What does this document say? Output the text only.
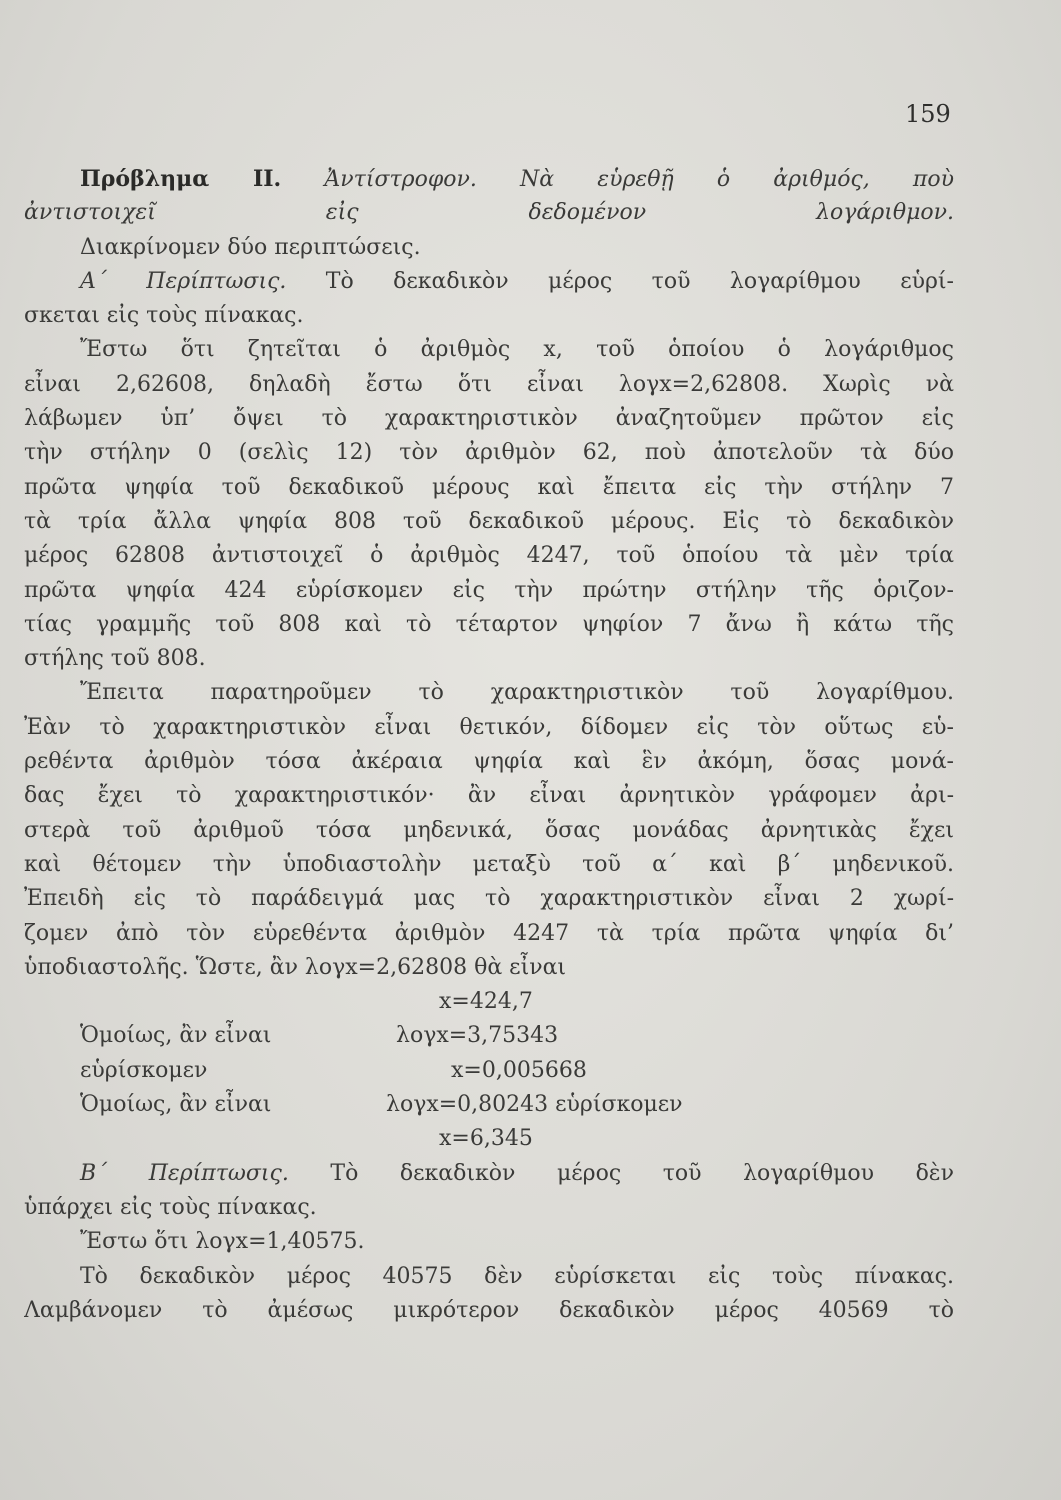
159
Πρόβλημα ΙΙ. Ἀντίστροφον. Νὰ εὑρεθῇ ὁ ἀριθμός, ποὺ
ἀντιστοιχεῖ εἰς δεδομένον λογάριθμον.
Διακρίνομεν δύο περιπτώσεις.
Α΄ Περίπτωσις. Τὸ δεκαδικὸν μέρος τοῦ λογαρίθμου εὑρί-
σκεται εἰς τοὺς πίνακας.
Ἔστω ὅτι ζητεῖται ὁ ἀριθμὸς x, τοῦ ὁποίου ὁ λογάριθμος
εἶναι 2,62608, δηλαδὴ ἔστω ὅτι εἶναι λογx=2,62808. Χωρὶς νὰ
λάβωμεν ὑπ’ ὄψει τὸ χαρακτηριστικὸν ἀναζητοῦμεν πρῶτον εἰς
τὴν στήλην 0 (σελὶς 12) τὸν ἀριθμὸν 62, ποὺ ἀποτελοῦν τὰ δύο
πρῶτα ψηφία τοῦ δεκαδικοῦ μέρους καὶ ἔπειτα εἰς τὴν στήλην 7
τὰ τρία ἄλλα ψηφία 808 τοῦ δεκαδικοῦ μέρους. Εἰς τὸ δεκαδικὸν
μέρος 62808 ἀντιστοιχεῖ ὁ ἀριθμὸς 4247, τοῦ ὁποίου τὰ μὲν τρία
πρῶτα ψηφία 424 εὑρίσκομεν εἰς τὴν πρώτην στήλην τῆς ὁριζον-
τίας γραμμῆς τοῦ 808 καὶ τὸ τέταρτον ψηφίον 7 ἄνω ἢ κάτω τῆς
στήλης τοῦ 808.
Ἔπειτα παρατηροῦμεν τὸ χαρακτηριστικὸν τοῦ λογαρίθμου.
Ἐὰν τὸ χαρακτηριστικὸν εἶναι θετικόν, δίδομεν εἰς τὸν οὕτως εὑ-
ρεθέντα ἀριθμὸν τόσα ἀκέραια ψηφία καὶ ἓν ἀκόμη, ὅσας μονά-
δας ἔχει τὸ χαρακτηριστικόν· ἂν εἶναι ἀρνητικὸν γράφομεν ἀρι-
στερὰ τοῦ ἀριθμοῦ τόσα μηδενικά, ὅσας μονάδας ἀρνητικὰς ἔχει
καὶ θέτομεν τὴν ὑποδιαστολὴν μεταξὺ τοῦ α΄ καὶ β΄ μηδενικοῦ.
Ἐπειδὴ εἰς τὸ παράδειγμά μας τὸ χαρακτηριστικὸν εἶναι 2 χωρί-
ζομεν ἀπὸ τὸν εὑρεθέντα ἀριθμὸν 4247 τὰ τρία πρῶτα ψηφία δι’
ὑποδιαστολῆς. Ὥστε, ἂν λογx=2,62808 θὰ εἶναι
x=424,7
Ὁμοίως, ἂν εἶναι	λογx=3,75343
εὑρίσκομεν	x=0,005668
Ὁμοίως, ἂν εἶναι	λογx=0,80243 εὑρίσκομεν
x=6,345
Β΄ Περίπτωσις. Τὸ δεκαδικὸν μέρος τοῦ λογαρίθμου δὲν
ὑπάρχει εἰς τοὺς πίνακας.
Ἔστω ὅτι λογx=1,40575.
Τὸ δεκαδικὸν μέρος 40575 δὲν εὑρίσκεται εἰς τοὺς πίνακας.
Λαμβάνομεν τὸ ἀμέσως μικρότερον δεκαδικὸν μέρος 40569 τὸ
